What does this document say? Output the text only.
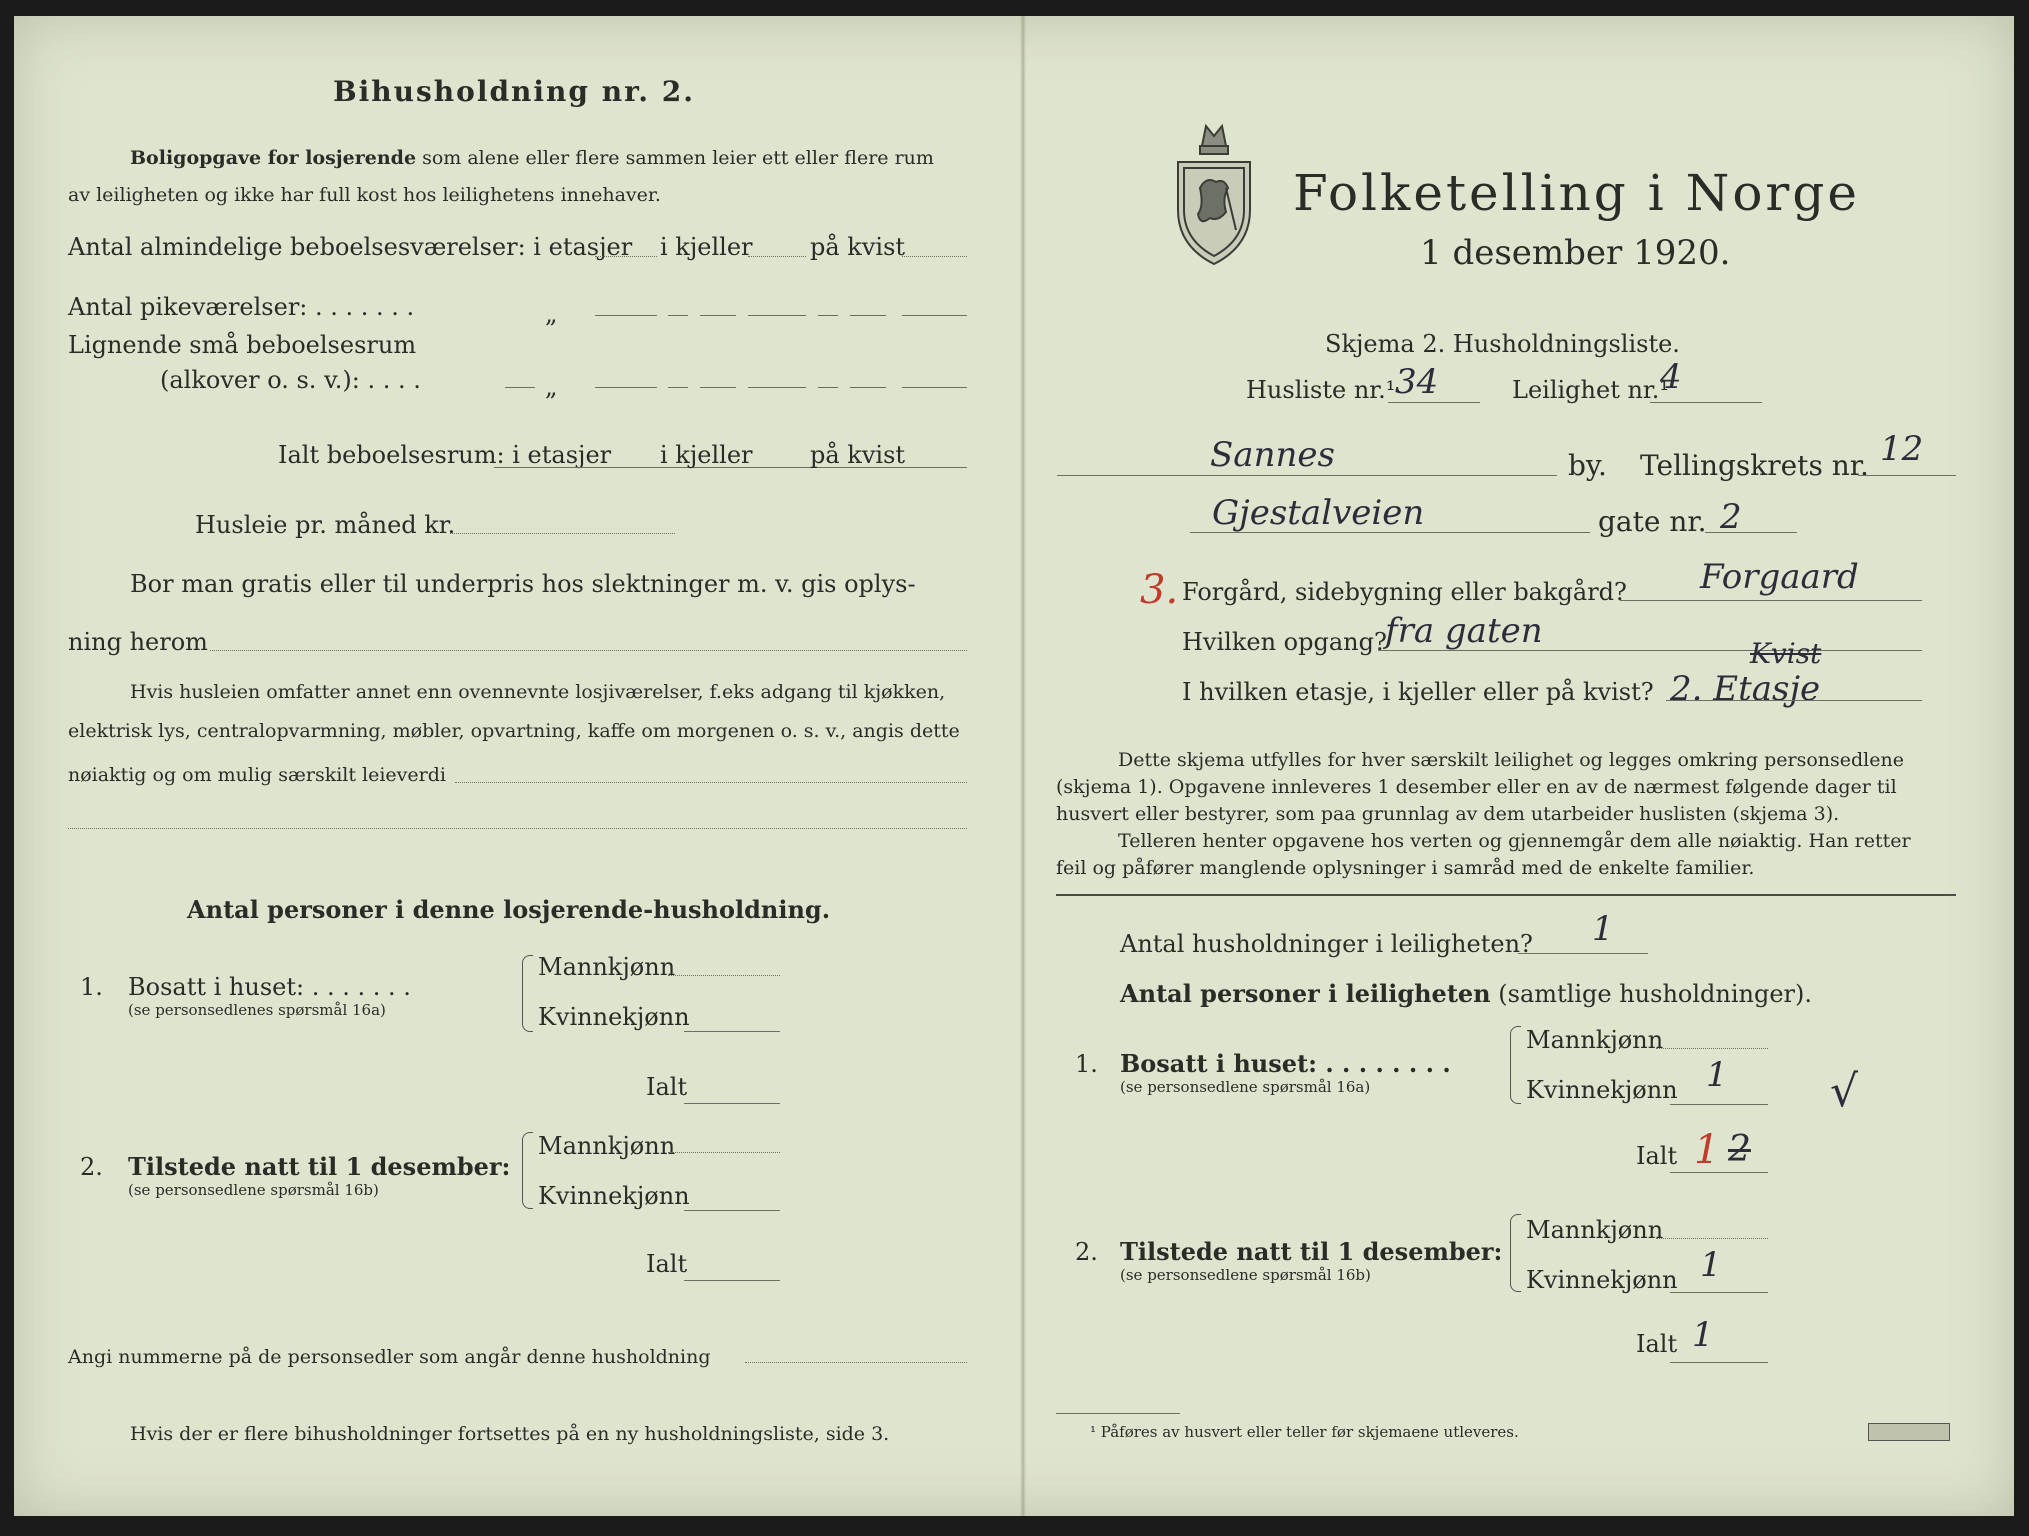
Bihusholdning nr. 2.
Boligopgave for losjerende som alene eller flere sammen leier ett eller flere rum
av leiligheten og ikke har full kost hos leilighetens innehaver.
Antal almindelige beboelsesværelser: i etasjer i kjeller på kvist
Antal pikeværelser: . . . . . . .	„
Lignende små beboelsesrum
(alkover o. s. v.): . . . .	„
Ialt beboelsesrum: i etasjer i kjeller på kvist
Husleie pr. måned kr.
Bor man gratis eller til underpris hos slektninger m. v. gis oplys-
ning herom
Hvis husleien omfatter annet enn ovennevnte losjiværelser, f.eks adgang til kjøkken,
elektrisk lys, centralopvarmning, møbler, opvartning, kaffe om morgenen o. s. v., angis dette
nøiaktig og om mulig særskilt leieverdi
Antal personer i denne losjerende-husholdning.
1. Bosatt i huset: . . . . . . .
(se personsedlenes spørsmål 16a)
Mannkjønn
Kvinnekjønn
Ialt
2. Tilstede natt til 1 desember:
(se personsedlene spørsmål 16b)
Mannkjønn
Kvinnekjønn
Ialt
Angi nummerne på de personsedler som angår denne husholdning
Hvis der er flere bihusholdninger fortsettes på en ny husholdningsliste, side 3.
Folketelling i Norge
1 desember 1920.
Skjema 2. Husholdningsliste.
Husliste nr.¹ 34	Leilighet nr.¹
4
Sannes	by. Tellingskrets nr. 12
Gjestalveien	gate nr. 2
3. Forgård, sidebygning eller bakgård? Forgaard
Hvilken opgang?
fra gaten
I hvilken etasje, i kjeller eller på kvist?
Kvist
2. Etasje
Dette skjema utfylles for hver særskilt leilighet og legges omkring personsedlene
(skjema 1). Opgavene innleveres 1 desember eller en av de nærmest følgende dager til
husvert eller bestyrer, som paa grunnlag av dem utarbeider huslisten (skjema 3).
Telleren henter opgavene hos verten og gjennemgår dem alle nøiaktig. Han retter
feil og påfører manglende oplysninger i samråd med de enkelte familier.
Antal husholdninger i leiligheten? 1
Antal personer i leiligheten (samtlige husholdninger).
1. Bosatt i huset: . . . . . . . .
(se personsedlene spørsmål 16a)
Mannkjønn
Kvinnekjønn 1 √
Ialt 1 2
2. Tilstede natt til 1 desember:
(se personsedlene spørsmål 16b)
Mannkjønn
Kvinnekjønn 1
Ialt 1
¹ Påføres av husvert eller teller før skjemaene utleveres.
